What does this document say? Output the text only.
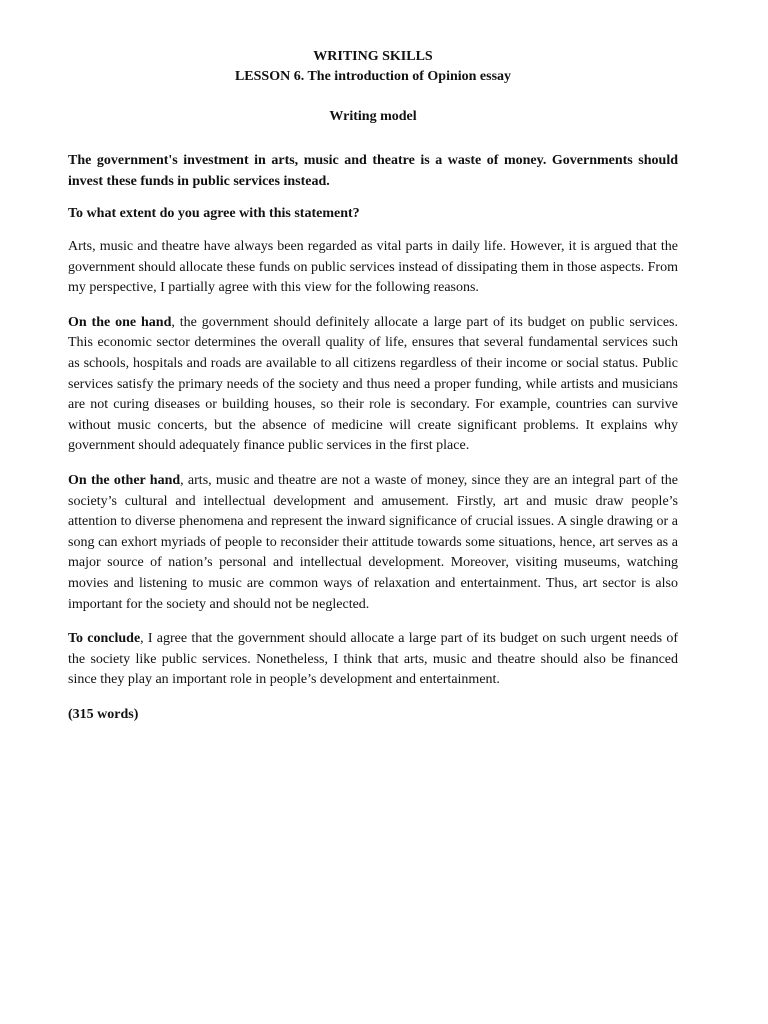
WRITING SKILLS
LESSON 6. The introduction of Opinion essay
Writing model
The government's investment in arts, music and theatre is a waste of money. Governments should invest these funds in public services instead.
To what extent do you agree with this statement?

Arts, music and theatre have always been regarded as vital parts in daily life. However, it is argued that the government should allocate these funds on public services instead of dissipating them in those aspects. From my perspective, I partially agree with this view for the following reasons.

On the one hand, the government should definitely allocate a large part of its budget on public services. This economic sector determines the overall quality of life, ensures that several fundamental services such as schools, hospitals and roads are available to all citizens regardless of their income or social status. Public services satisfy the primary needs of the society and thus need a proper funding, while artists and musicians are not curing diseases or building houses, so their role is secondary. For example, countries can survive without music concerts, but the absence of medicine will create significant problems. It explains why government should adequately finance public services in the first place.

On the other hand, arts, music and theatre are not a waste of money, since they are an integral part of the society’s cultural and intellectual development and amusement. Firstly, art and music draw people’s attention to diverse phenomena and represent the inward significance of crucial issues. A single drawing or a song can exhort myriads of people to reconsider their attitude towards some situations, hence, art serves as a major source of nation’s personal and intellectual development. Moreover, visiting museums, watching movies and listening to music are common ways of relaxation and entertainment. Thus, art sector is also important for the society and should not be neglected.

To conclude, I agree that the government should allocate a large part of its budget on such urgent needs of the society like public services. Nonetheless, I think that arts, music and theatre should also be financed since they play an important role in people’s development and entertainment.

(315 words)
